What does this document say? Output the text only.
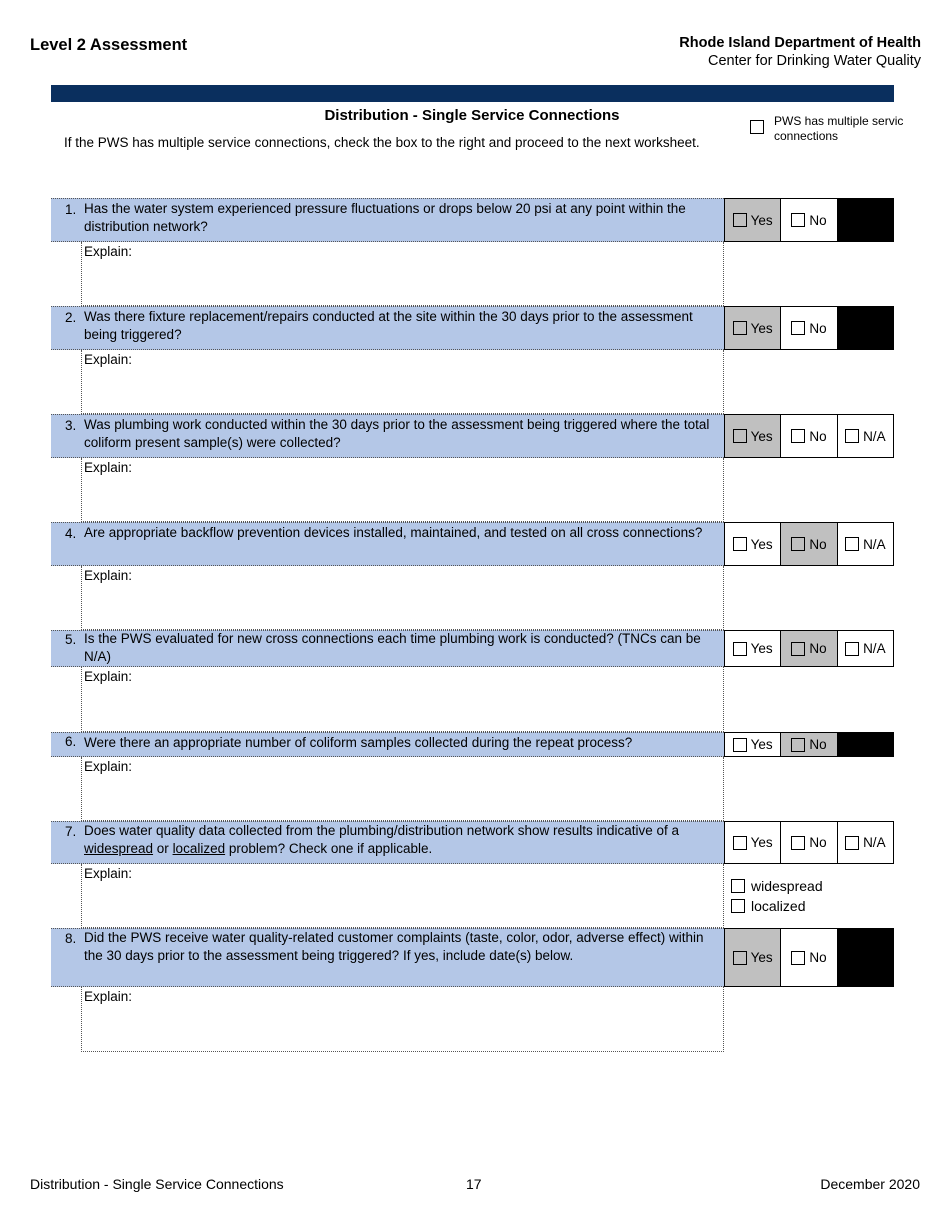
Level 2 Assessment	Rhode Island Department of Health
Center for Drinking Water Quality
Distribution - Single Service Connections
If the PWS has multiple service connections, check the box to the right and proceed to the next worksheet.
PWS has multiple servic connections
1. Has the water system experienced pressure fluctuations or drops below 20 psi at any point within the distribution network?	Yes	No
Explain:
2. Was there fixture replacement/repairs conducted at the site within the 30 days prior to the assessment being triggered?	Yes	No
Explain:
3. Was plumbing work conducted within the 30 days prior to the assessment being triggered where the total coliform present sample(s) were collected?	Yes	No	N/A
Explain:
4. Are appropriate backflow prevention devices installed, maintained, and tested on all cross connections?
Yes	No	N/A
Explain:
5. Is the PWS evaluated for new cross connections each time plumbing work is conducted? (TNCs can be N/A)
Yes	No	N/A
Explain:
6. Were there an appropriate number of coliform samples collected during the repeat process?	Yes	No
Explain:
7. Does water quality data collected from the plumbing/distribution network show results indicative of a widespread or localized problem? Check one if applicable.	Yes	No	N/A
Explain:
widespread
localized
8. Did the PWS receive water quality-related customer complaints (taste, color, odor, adverse effect) within the 30 days prior to the assessment being triggered? If yes, include date(s) below.	Yes	No
Explain:
Distribution - Single Service Connections	17	December 2020
